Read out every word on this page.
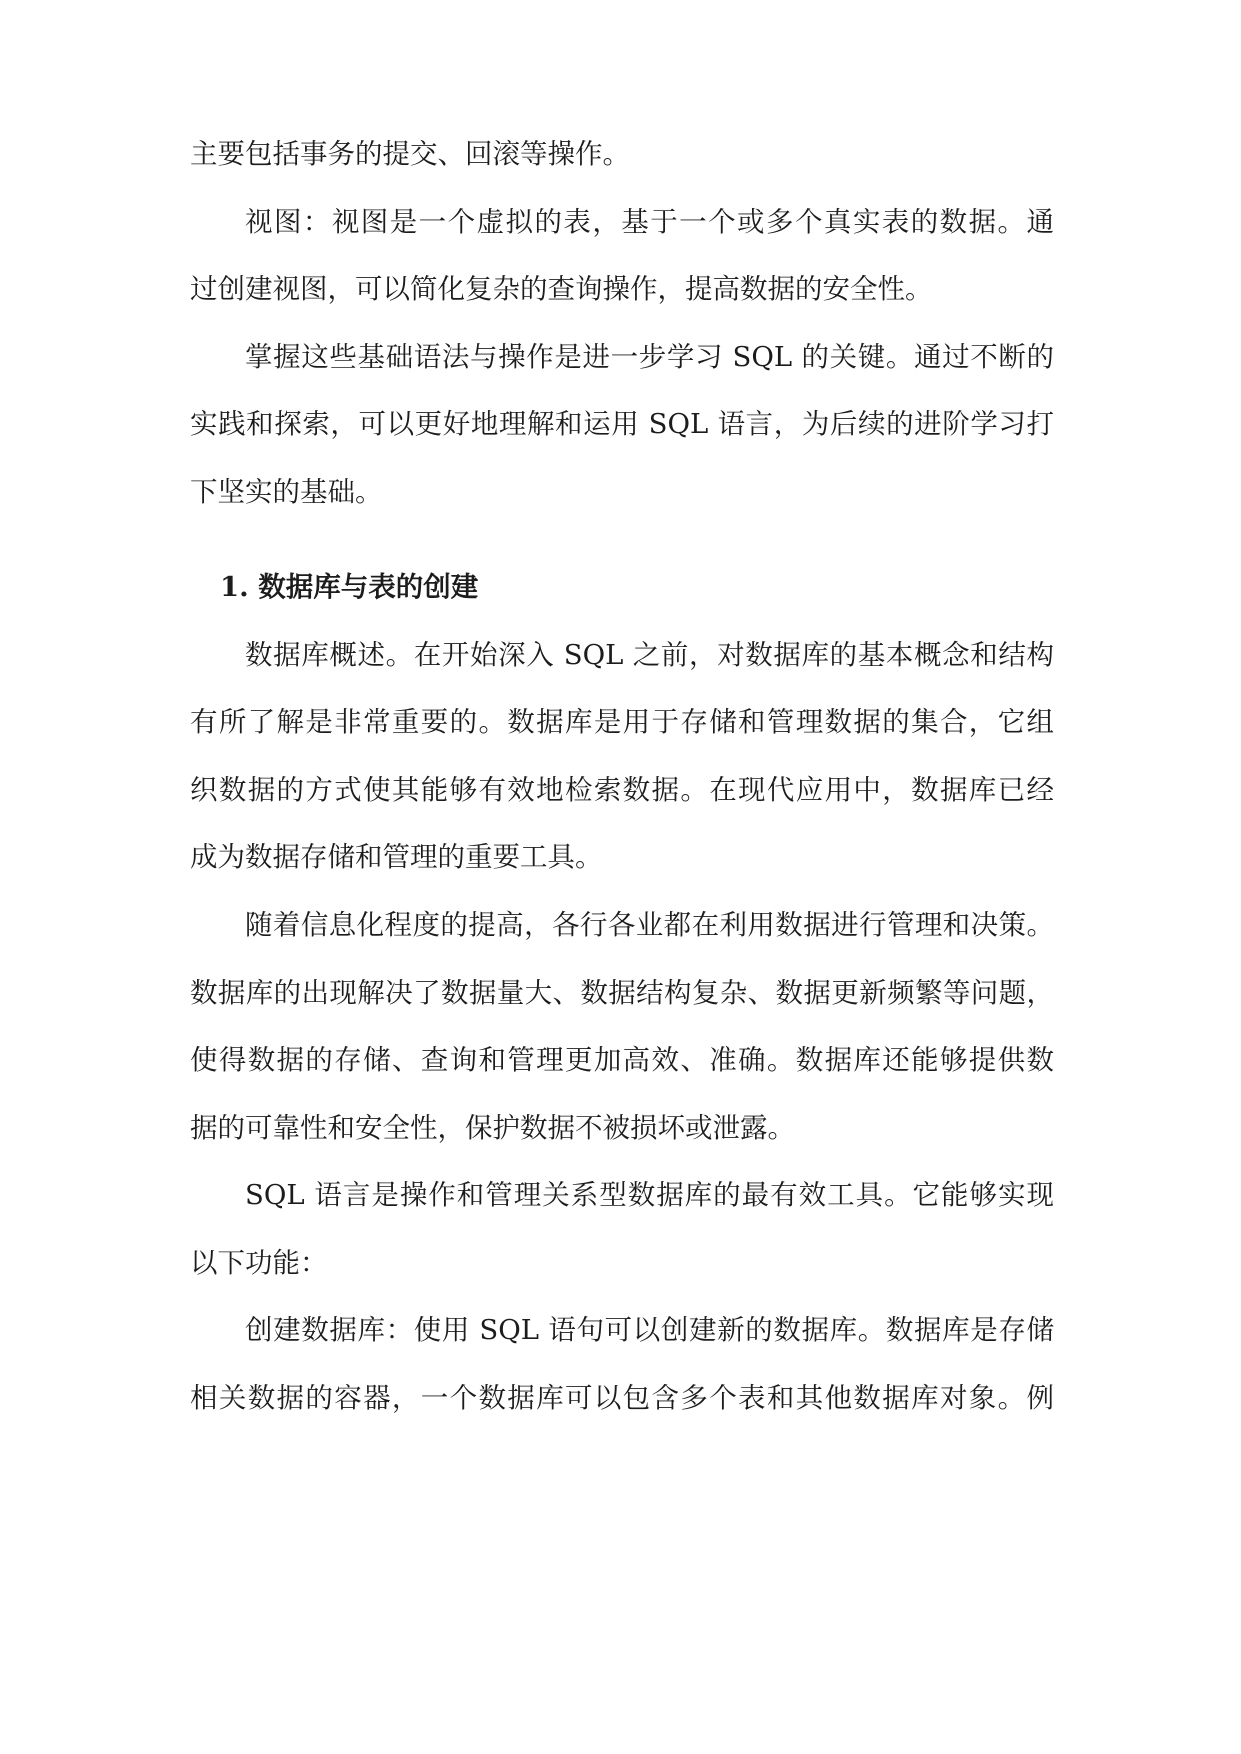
主要包括事务的提交、回滚等操作。
视图：视图是一个虚拟的表，基于一个或多个真实表的数据。通
过创建视图，可以简化复杂的查询操作，提高数据的安全性。
掌握这些基础语法与操作是进一步学习 SQL 的关键。通过不断的
实践和探索，可以更好地理解和运用 SQL 语言，为后续的进阶学习打
下坚实的基础。
1. 数据库与表的创建
数据库概述。在开始深入 SQL 之前，对数据库的基本概念和结构
有所了解是非常重要的。数据库是用于存储和管理数据的集合，它组
织数据的方式使其能够有效地检索数据。在现代应用中，数据库已经
成为数据存储和管理的重要工具。
随着信息化程度的提高，各行各业都在利用数据进行管理和决策。
数据库的出现解决了数据量大、数据结构复杂、数据更新频繁等问题，
使得数据的存储、查询和管理更加高效、准确。数据库还能够提供数
据的可靠性和安全性，保护数据不被损坏或泄露。
SQL 语言是操作和管理关系型数据库的最有效工具。它能够实现
以下功能：
创建数据库：使用 SQL 语句可以创建新的数据库。数据库是存储
相关数据的容器，一个数据库可以包含多个表和其他数据库对象。例
